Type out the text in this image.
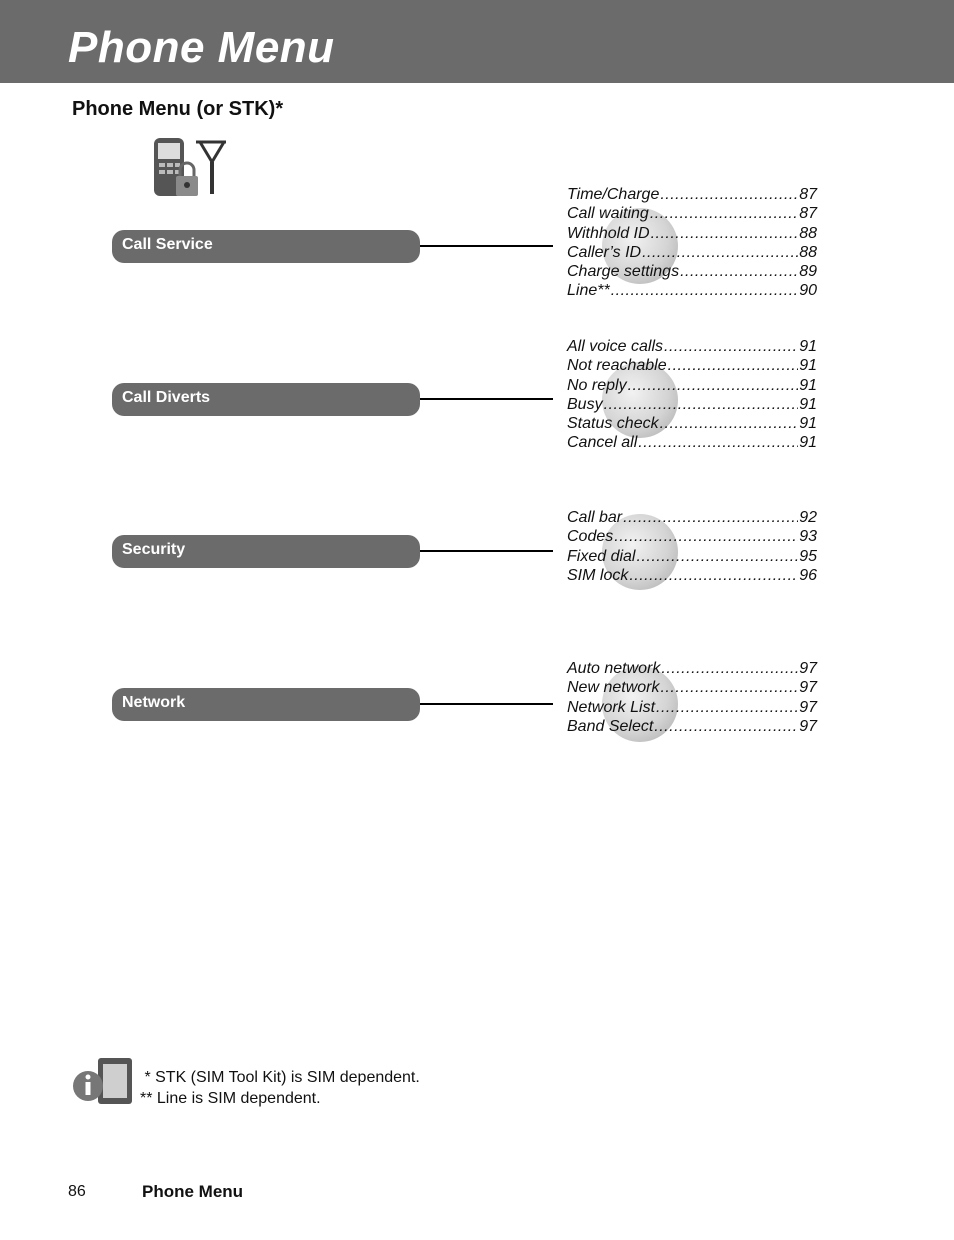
Phone Menu
Phone Menu (or STK)*
Call Service
Time/Charge .....	87
Call waiting .....	87
Withhold ID .....	88
Caller’s ID .....	88
Charge settings .....	89
Line** .....	90
Call Diverts
All voice calls .....	91
Not reachable .....	91
No reply .....	91
Busy .....	91
Status check .....	91
Cancel all .....	91
Security
Call bar .....	92
Codes .....	93
Fixed dial .....	95
SIM lock .....	96
Network
Auto network .....	97
New network .....	97
Network List .....	97
Band Select .....	97
* STK (SIM Tool Kit) is SIM dependent.
** Line is SIM dependent.
86	Phone Menu
